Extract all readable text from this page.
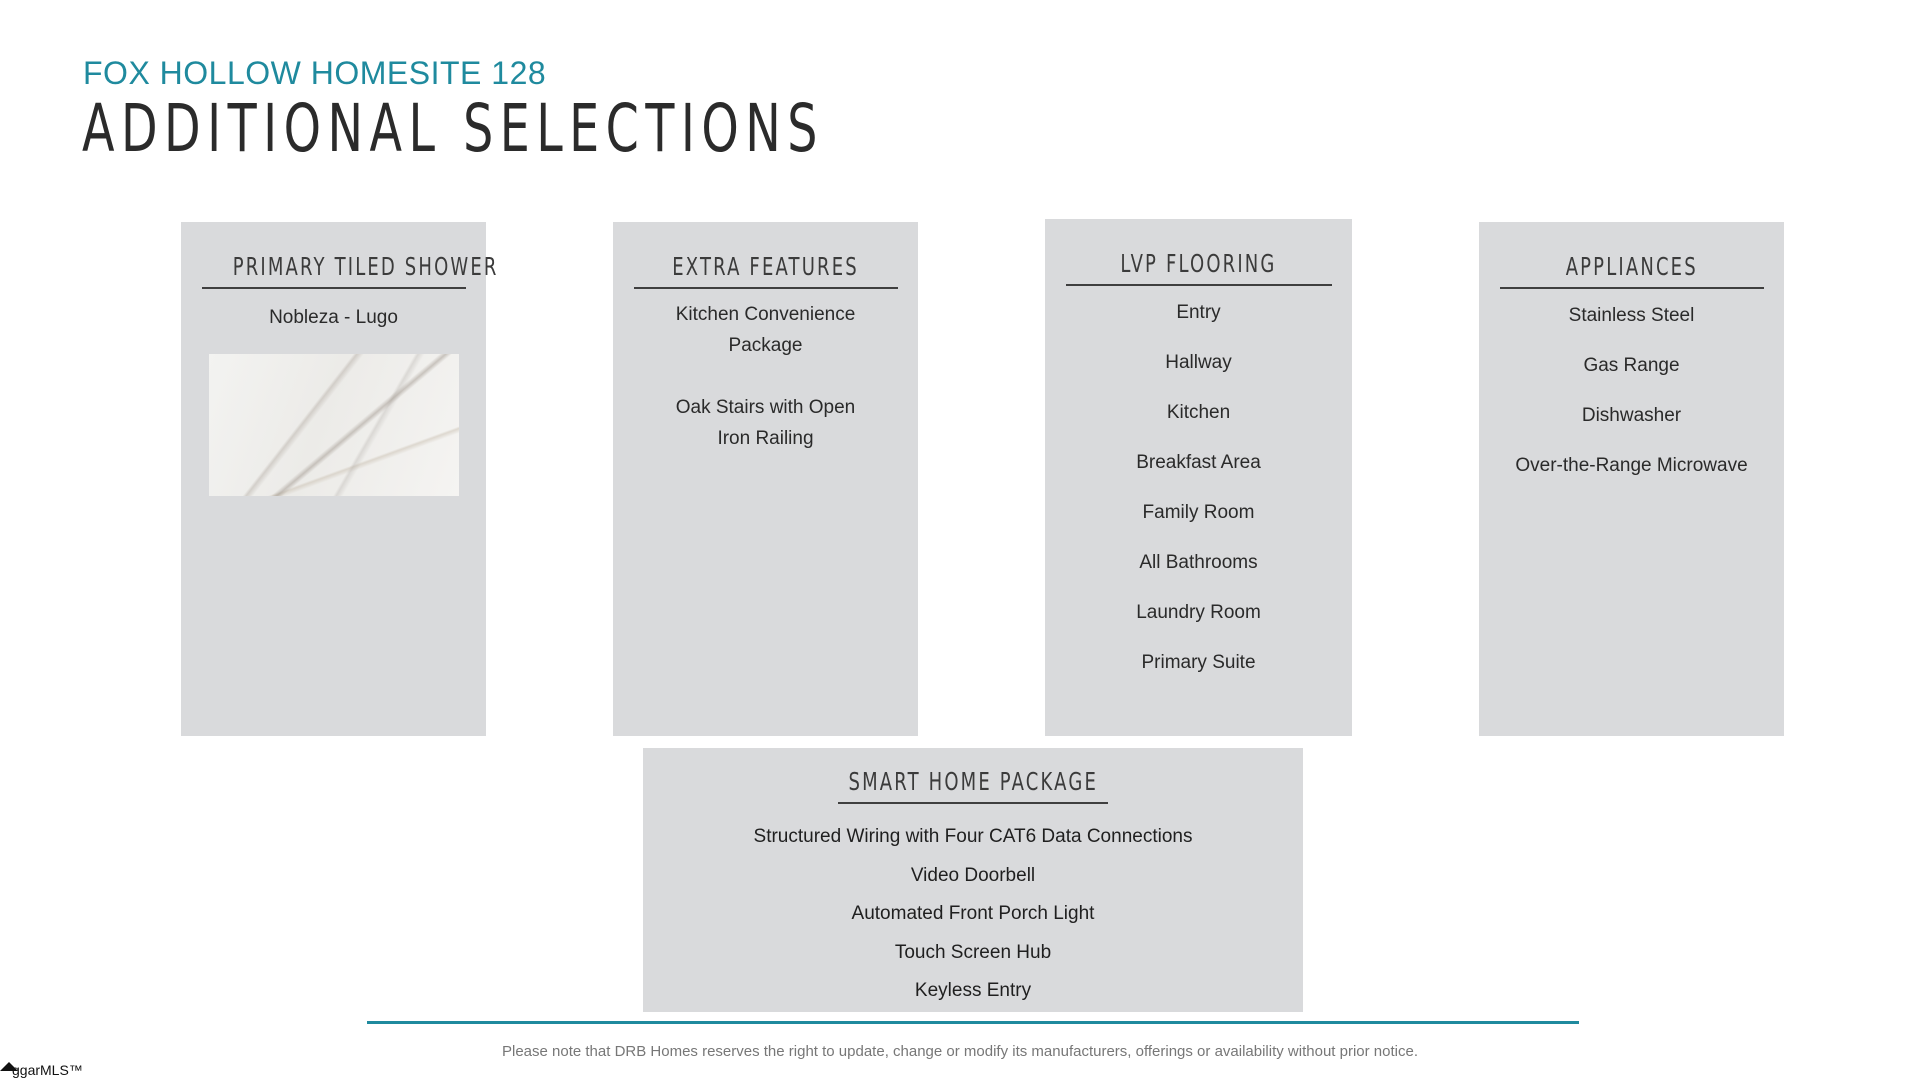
FOX HOLLOW HOMESITE 128
ADDITIONAL SELECTIONS
PRIMARY TILED SHOWER
Nobleza - Lugo
EXTRA FEATURES
Kitchen Convenience Package
Oak Stairs with Open Iron Railing
LVP FLOORING
Entry
Hallway
Kitchen
Breakfast Area
Family Room
All Bathrooms
Laundry Room
Primary Suite
APPLIANCES
Stainless Steel
Gas Range
Dishwasher
Over-the-Range Microwave
SMART HOME PACKAGE
Structured Wiring with Four CAT6 Data Connections
Video Doorbell
Automated Front Porch Light
Touch Screen Hub
Keyless Entry
Please note that DRB Homes reserves the right to update, change or modify its manufacturers, offerings or availability without prior notice.
ggarMLS™
